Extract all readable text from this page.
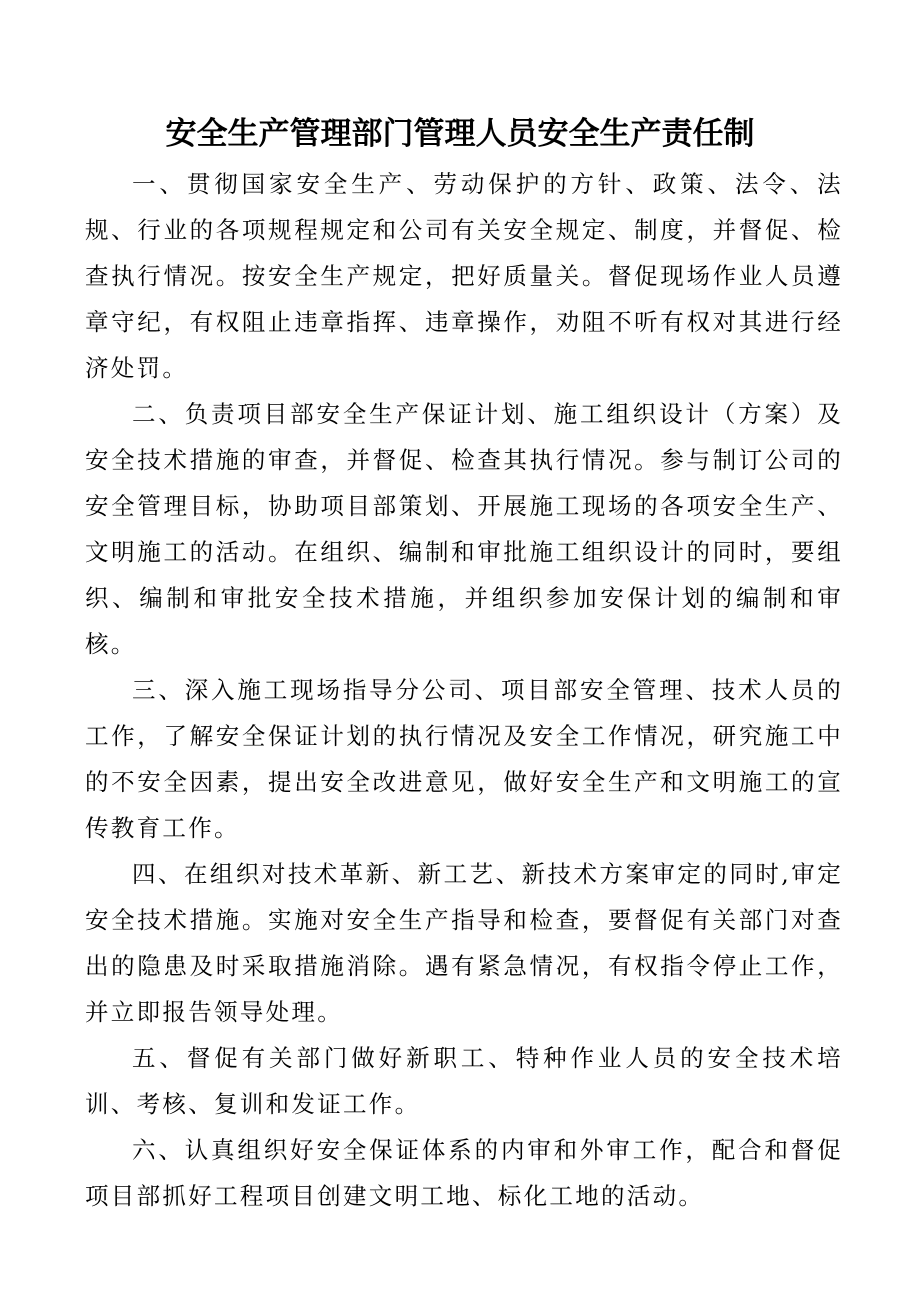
安全生产管理部门管理人员安全生产责任制

一、贯彻国家安全生产、劳动保护的方针、政策、法令、法规、行业的各项规程规定和公司有关安全规定、制度，并督促、检查执行情况。按安全生产规定，把好质量关。督促现场作业人员遵章守纪，有权阻止违章指挥、违章操作，劝阻不听有权对其进行经济处罚。

二、负责项目部安全生产保证计划、施工组织设计（方案）及安全技术措施的审查，并督促、检查其执行情况。参与制订公司的安全管理目标，协助项目部策划、开展施工现场的各项安全生产、文明施工的活动。在组织、编制和审批施工组织设计的同时，要组织、编制和审批安全技术措施，并组织参加安保计划的编制和审核。

三、深入施工现场指导分公司、项目部安全管理、技术人员的工作，了解安全保证计划的执行情况及安全工作情况，研究施工中的不安全因素，提出安全改进意见，做好安全生产和文明施工的宣传教育工作。

四、在组织对技术革新、新工艺、新技术方案审定的同时,审定安全技术措施。实施对安全生产指导和检查，要督促有关部门对查出的隐患及时采取措施消除。遇有紧急情况，有权指令停止工作，并立即报告领导处理。

五、督促有关部门做好新职工、特种作业人员的安全技术培训、考核、复训和发证工作。

六、认真组织好安全保证体系的内审和外审工作，配合和督促项目部抓好工程项目创建文明工地、标化工地的活动。
